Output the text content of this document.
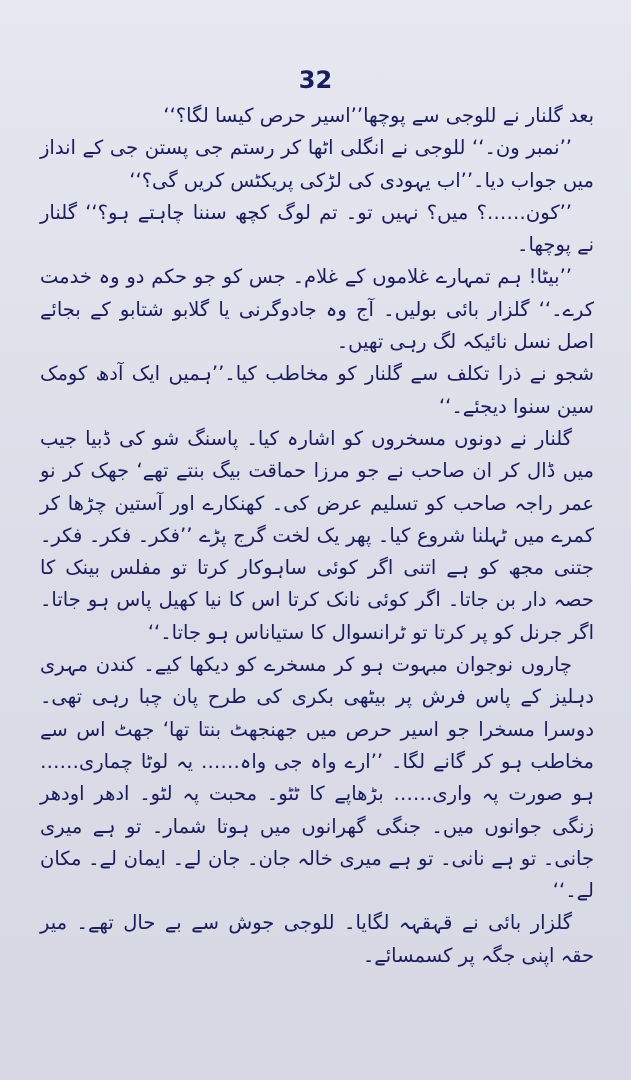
32

بعد گلنار نے للوجی سے پوچھا’’اسیر حرص کیسا لگا؟‘‘

’’نمبر ون۔‘‘ للوجی نے انگلی اٹھا کر رستم جی پستن جی کے انداز میں جواب دیا۔’’اب یہودی کی لڑکی پریکٹس کریں گی؟‘‘

’’کون……؟ میں؟ نہیں تو۔ تم لوگ کچھ سننا چاہتے ہو؟‘‘ گلنار نے پوچھا۔

’’بیٹا! ہم تمہارے غلاموں کے غلام۔ جس کو جو حکم دو وہ خدمت کرے۔‘‘ گلزار بائی بولیں۔ آج وہ جادوگرنی یا گلابو شتابو کے بجائے اصل نسل نائیکہ لگ رہی تھیں۔

شجو نے ذرا تکلف سے گلنار کو مخاطب کیا۔’’ہمیں ایک آدھ کومک سین سنوا دیجئے۔‘‘

گلنار نے دونوں مسخروں کو اشارہ کیا۔ پاسنگ شو کی ڈبیا جیب میں ڈال کر ان صاحب نے جو مرزا حماقت بیگ بنتے تھے‘ جھک کر نو عمر راجہ صاحب کو تسلیم عرض کی۔ کھنکارے اور آستین چڑھا کر کمرے میں ٹہلنا شروع کیا۔ پھر یک لخت گرج پڑے ’’فکر۔ فکر۔ فکر۔ جتنی مجھ کو ہے اتنی اگر کوئی ساہوکار کرتا تو مفلس بینک کا حصہ دار بن جاتا۔ اگر کوئی نانک کرتا اس کا نیا کھیل پاس ہو جاتا۔ اگر جرنل کو پر کرتا تو ٹرانسوال کا ستیاناس ہو جاتا۔‘‘

چاروں نوجوان مبہوت ہو کر مسخرے کو دیکھا کیے۔ کندن مہری دہلیز کے پاس فرش پر بیٹھی بکری کی طرح پان چبا رہی تھی۔ دوسرا مسخرا جو اسیر حرص میں جھنجھٹ بنتا تھا‘ جھٹ اس سے مخاطب ہو کر گانے لگا۔ ’’ارے واہ جی واہ…… یہ لوٹا چماری…… ہو صورت پہ واری…… بڑھاپے کا ٹٹو۔ محبت پہ لٹو۔ ادھر اودھر زنگی جوانوں میں۔ جنگی گھرانوں میں ہوتا شمار۔ تو ہے میری جانی۔ تو ہے نانی۔ تو ہے میری خالہ جان۔ جان لے۔ ایمان لے۔ مکان لے۔‘‘

گلزار بائی نے قہقہہ لگایا۔ للوجی جوش سے بے حال تھے۔ میر حقہ اپنی جگہ پر کسمسائے۔
